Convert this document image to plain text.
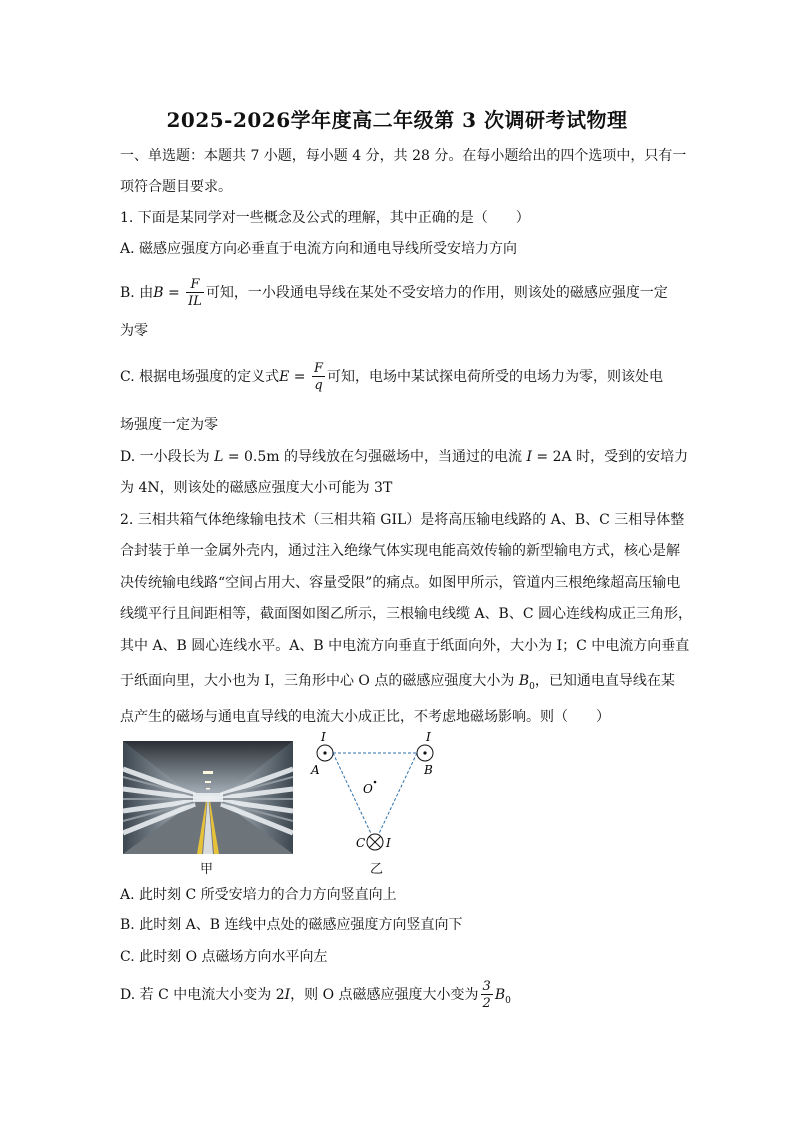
2025-2026学年度高二年级第 3 次调研考试物理
一、单选题：本题共 7 小题，每小题 4 分，共 28 分。在每小题给出的四个选项中，只有一
项符合题目要求。
1. 下面是某同学对一些概念及公式的理解，其中正确的是（　　）
A. 磁感应强度方向必垂直于电流方向和通电导线所受安培力方向
B. 由$B = \frac{F}{IL}$ 可知，一小段通电导线在某处不受安培力的作用，则该处的磁感应强度一定
为零
C. 根据电场强度的定义式$E = \frac{F}{q}$ 可知，电场中某试探电荷所受的电场力为零，则该处电
场强度一定为零
D. 一小段长为 L = 0.5m 的导线放在匀强磁场中，当通过的电流 I = 2A 时，受到的安培力
为 4N，则该处的磁感应强度大小可能为 3T
2. 三相共箱气体绝缘输电技术（三相共箱 GIL）是将高压输电线路的 A、B、C 三相导体整
合封装于单一金属外壳内，通过注入绝缘气体实现电能高效传输的新型输电方式，核心是解
决传统输电线路“空间占用大、容量受限”的痛点。如图甲所示，管道内三根绝缘超高压输电
线缆平行且间距相等，截面图如图乙所示，三根输电线缆 A、B、C 圆心连线构成正三角形，
其中 A、B 圆心连线水平。A、B 中电流方向垂直于纸面向外，大小为 I；C 中电流方向垂直
于纸面向里，大小也为 I，三角形中心 O 点的磁感应强度大小为 $B_0$，已知通电直导线在某
点产生的磁场与通电直导线的电流大小成正比，不考虑地磁场影响。则（　　）
甲
I
A
I
B
O
C I
乙
A. 此时刻 C 所受安培力的合力方向竖直向上
B. 此时刻 A、B 连线中点处的磁感应强度方向竖直向下
C. 此时刻 O 点磁场方向水平向左
D. 若 C 中电流大小变为 2I，则 O 点磁感应强度大小变为 $\frac{3}{2} B_0$
